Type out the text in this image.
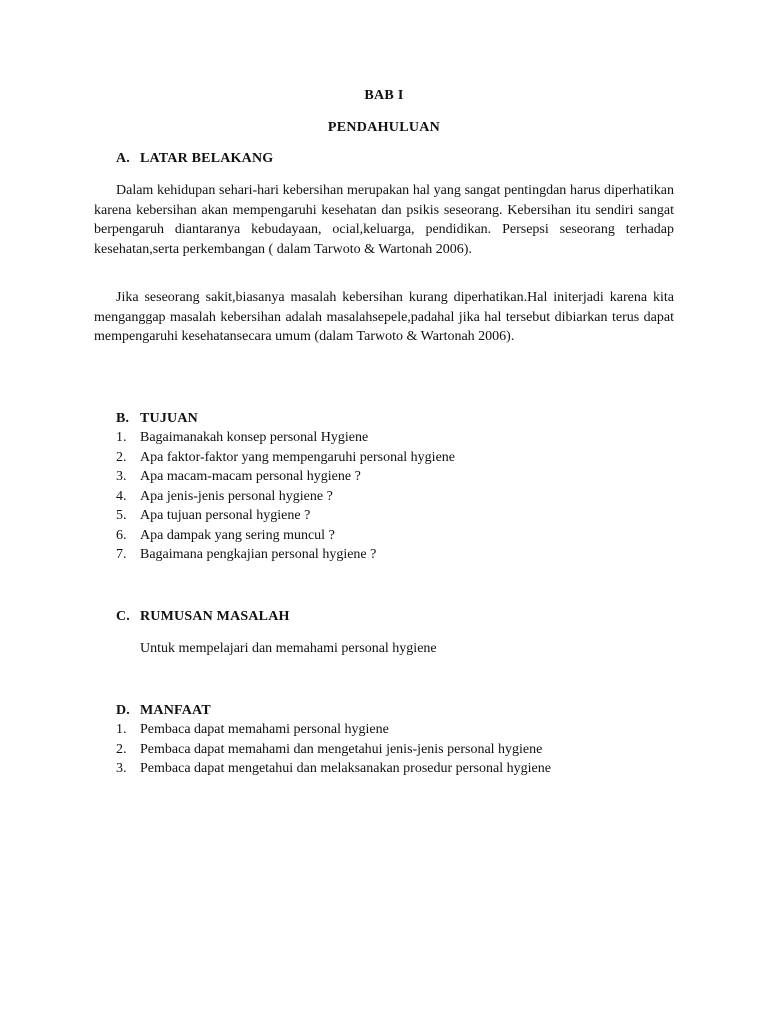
BAB I
PENDAHULUAN
A. LATAR BELAKANG

Dalam kehidupan sehari-hari kebersihan merupakan hal yang sangat pentingdan harus diperhatikan karena kebersihan akan mempengaruhi kesehatan dan psikis seseorang. Kebersihan itu sendiri sangat berpengaruh diantaranya kebudayaan, ocial,keluarga, pendidikan. Persepsi seseorang terhadap kesehatan,serta perkembangan ( dalam Tarwoto & Wartonah 2006).

Jika seseorang sakit,biasanya masalah kebersihan kurang diperhatikan.Hal initerjadi karena kita menganggap masalah kebersihan adalah masalahsepele,padahal jika hal tersebut dibiarkan terus dapat mempengaruhi kesehatansecara umum (dalam Tarwoto & Wartonah 2006).

B. TUJUAN
1. Bagaimanakah konsep personal Hygiene
2. Apa faktor-faktor yang mempengaruhi personal hygiene
3. Apa macam-macam personal hygiene ?
4. Apa jenis-jenis personal hygiene ?
5. Apa tujuan personal hygiene ?
6. Apa dampak yang sering muncul ?
7. Bagaimana pengkajian personal hygiene ?
C. RUMUSAN MASALAH
Untuk mempelajari dan memahami personal hygiene
D. MANFAAT
1. Pembaca dapat memahami personal hygiene
2. Pembaca dapat memahami dan mengetahui jenis-jenis personal hygiene
3. Pembaca dapat mengetahui dan melaksanakan prosedur personal hygiene
